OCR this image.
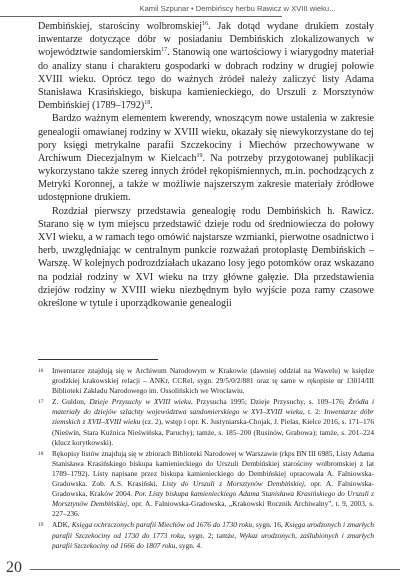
Kamil Szpunar • Dembińscy herbu Rawicz w XVIII wieku...

Dembińskiej, starościny wolbromskiej$^{16}$. Jak dotąd wydane drukiem zostały inwentarze dotyczące dóbr w posiadaniu Dembińskich zlokalizowanych w województwie sandomierskim$^{17}$. Stanowią one wartościowy i wiarygodny materiał do analizy stanu i charakteru gospodarki w dobrach rodziny w drugiej połowie XVIII wieku. Oprócz tego do ważnych źródeł należy zaliczyć listy Adama Stanisława Krasińskiego, biskupa kamienieckiego, do Urszuli z Morsztynów Dembińskiej (1789–1792)$^{18}$.

Bardzo ważnym elementem kwerendy, wnoszącym nowe ustalenia w zakresie genealogii omawianej rodziny w XVIII wieku, okazały się niewykorzystane do tej pory księgi metrykalne parafii Szczekociny i Miechów przechowywane w Archiwum Diecezjalnym w Kielcach$^{19}$. Na potrzeby przygotowanej publikacji wykorzystano także szereg innych źródeł rękopiśmiennych, m.in. pochodzących z Metryki Koronnej, a także w możliwie najszerszym zakresie materiały źródłowe udostępnione drukiem.

Rozdział pierwszy przedstawia genealogię rodu Dembińskich h. Rawicz. Starano się w tym miejscu przedstawić dzieje rodu od średniowiecza do połowy XVI wieku, a w ramach tego omówić najstarsze wzmianki, pierwotne osadnictwo i herb, uwzględniając w centralnym punkcie rozważań protoplastę Dembińskich – Warszę. W kolejnych podrozdziałach ukazano losy jego potomków oraz wskazano na podział rodziny w XVI wieku na trzy główne gałęzie. Dla przedstawienia dziejów rodziny w XVIII wieku niezbędnym było wyjście poza ramy czasowe określone w tytule i uporządkowanie genealogii

16	Inwentarze znajdują się w Archiwum Narodowym w Krakowie (dawniej oddział na Wawelu) w księdze grodzkiej krakowskiej relacji – ANKr, CCRel, sygn. 29/5/0/2/881 oraz tę same w rękopisie nr 13014/III Biblioteki Zakładu Narodowego im. Ossolińskich we Wrocławiu.
17	Z. Guldon, Dzieje Przysuchy w XVIII wieku, Przysucha 1995; Dzieje Przysuchy, s. 109–176; Źródła i materiały do dziejów szlachty województwa sandomierskiego w XVI–XVIII wieku, t. 2: Inwentarze dóbr ziemskich z XVII–XVIII wieku (cz. 2), wstęp i opr. K. Justyniarska-Chojak, J. Pielas, Kielce 2016, s. 171–176 (Nieśwín, Stara Kuźnica Nieświńska, Paruchy); tamże, s. 185–200 (Rusinów, Grabowa); tamże, s. 201–224 (klucz korytkowski).
18	Rękopisy listów znajdują się w zbiorach Biblioteki Narodowej w Warszawie (rkps BN III 6985, Listy Adama Stanisława Krasińskiego biskupa kamienieckiego do Urszuli Dembińskiej starościny wolbromskiej z lat 1789–1792). Listy napisane przez biskupa kamienieckiego do Dembińskiej opracowała A. Falniowska-Gradowska. Zob. A.S. Krasiński, Listy do Urszuli z Morsztynów Dembińskiej, opr. A. Falniowska-Gradowska, Kraków 2004. Por. Listy biskupa kamienieckiego Adama Stanisława Krasińskiego do Urszuli z Morsztynów Dembińskiej, opr. A. Falniowska-Gradowska, „Krakowski Rocznik Archiwalny", t. 9, 2003, s. 227–236.
19	ADK, Księga ochrzczonych parafii Miechów od 1676 do 1730 roku, sygn. 16, Księga urodzonych i zmarłych parafii Szczekociny od 1730 do 1773 roku, sygn. 2; tamże, Wykaz urodzonych, zaślubionych i zmarłych parafii Szczekociny od 1666 do 1807 roku, sygn. 4.
20
